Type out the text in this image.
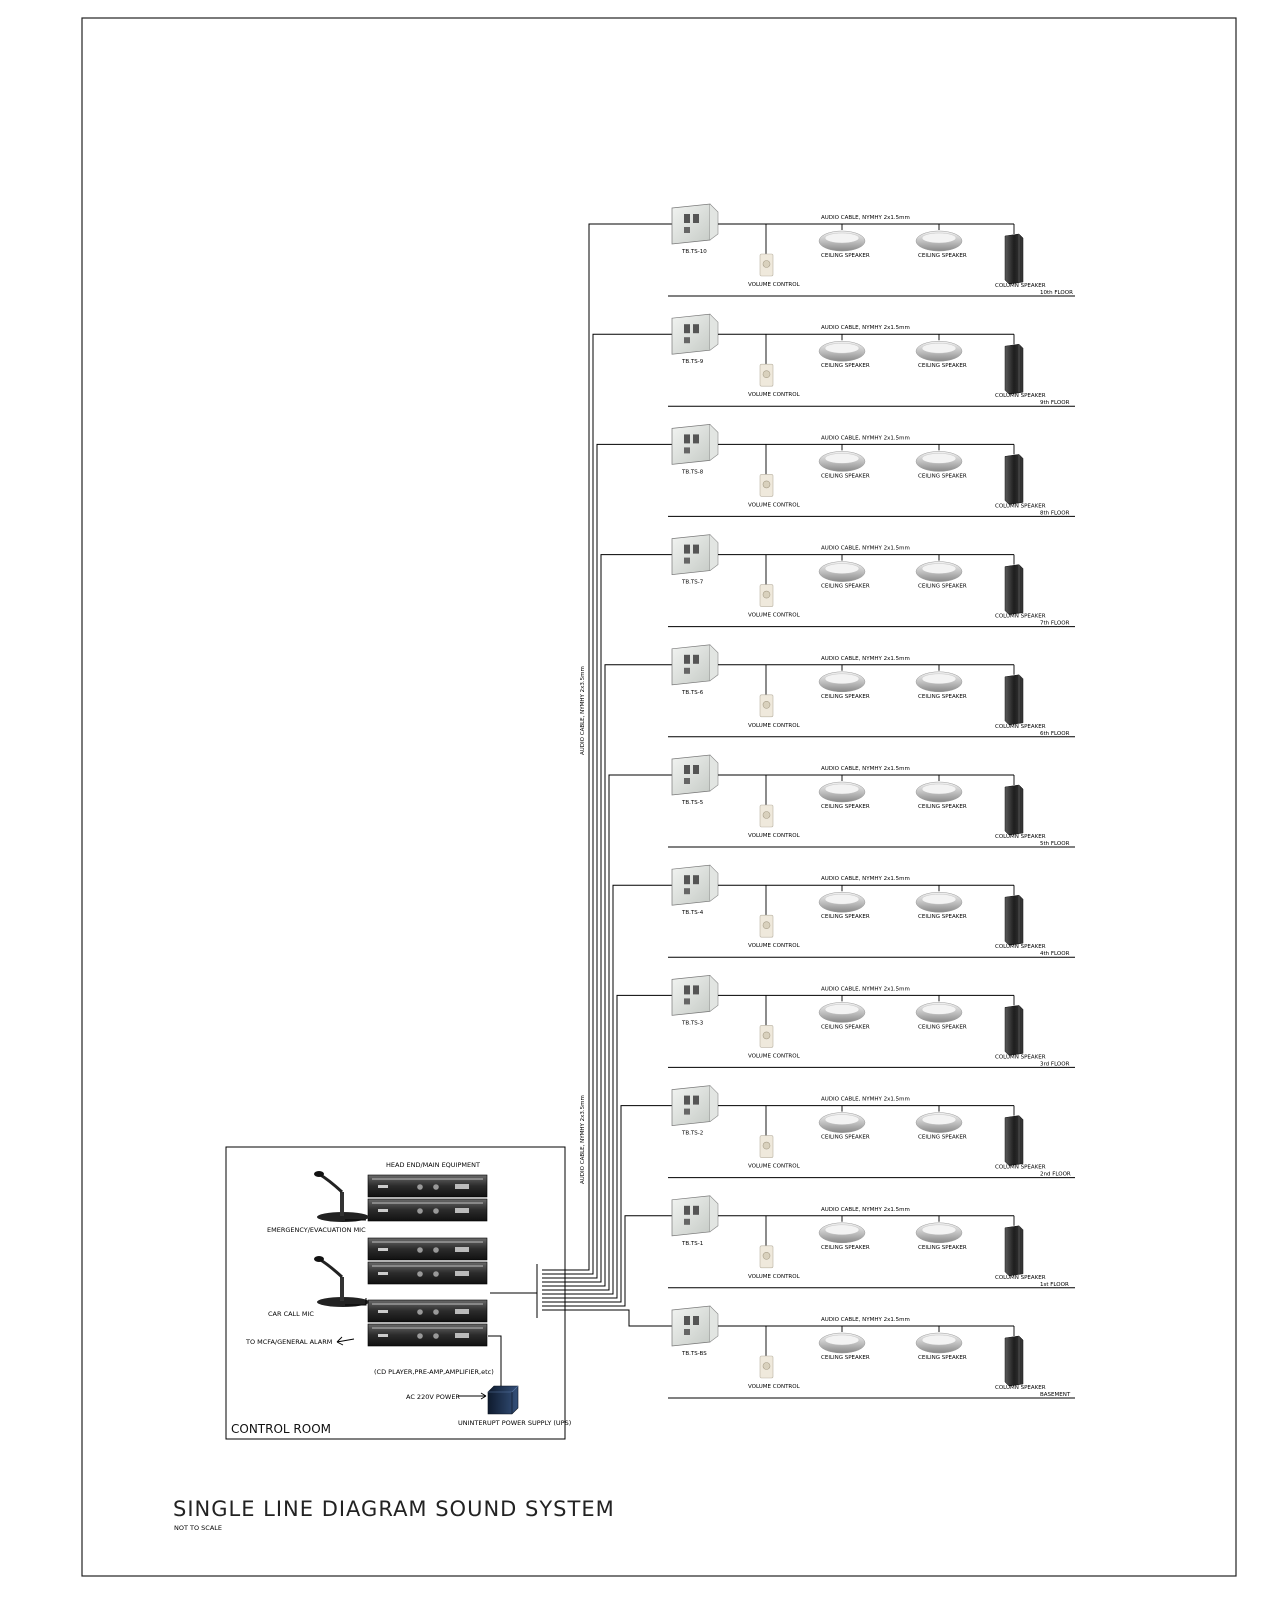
TB.TS-10
AUDIO CABLE, NYMHY 2x1.5mm
VOLUME CONTROL
CEILING SPEAKER	CEILING SPEAKER
COLUMN SPEAKER
10th FLOOR
TB.TS-9
AUDIO CABLE, NYMHY 2x1.5mm
VOLUME CONTROL
CEILING SPEAKER	CEILING SPEAKER
COLUMN SPEAKER
9th FLOOR
TB.TS-8
AUDIO CABLE, NYMHY 2x1.5mm
VOLUME CONTROL
CEILING SPEAKER	CEILING SPEAKER
COLUMN SPEAKER
8th FLOOR
TB.TS-7
AUDIO CABLE, NYMHY 2x1.5mm
VOLUME CONTROL
CEILING SPEAKER	CEILING SPEAKER
COLUMN SPEAKER
7th FLOOR
TB.TS-6
AUDIO CABLE, NYMHY 2x1.5mm
VOLUME CONTROL
CEILING SPEAKER	CEILING SPEAKER
COLUMN SPEAKER
6th FLOOR
TB.TS-5
AUDIO CABLE, NYMHY 2x1.5mm
VOLUME CONTROL
CEILING SPEAKER	CEILING SPEAKER
COLUMN SPEAKER
5th FLOOR
TB.TS-4
AUDIO CABLE, NYMHY 2x1.5mm
VOLUME CONTROL
CEILING SPEAKER	CEILING SPEAKER
COLUMN SPEAKER
4th FLOOR
TB.TS-3
AUDIO CABLE, NYMHY 2x1.5mm
VOLUME CONTROL
CEILING SPEAKER	CEILING SPEAKER
COLUMN SPEAKER
3rd FLOOR
TB.TS-2
AUDIO CABLE, NYMHY 2x1.5mm
VOLUME CONTROL
CEILING SPEAKER	CEILING SPEAKER
COLUMN SPEAKER
2nd FLOOR
TB.TS-1
AUDIO CABLE, NYMHY 2x1.5mm
VOLUME CONTROL
CEILING SPEAKER	CEILING SPEAKER
COLUMN SPEAKER
1st FLOOR
TB.TS-BS
AUDIO CABLE, NYMHY 2x1.5mm
VOLUME CONTROL
CEILING SPEAKER	CEILING SPEAKER
COLUMN SPEAKER
BASEMENT
AUDIO CABLE, NYMHY 2x3.5mm
AUDIO CABLE, NYMHY 2x3.5mm
CONTROL ROOM
HEAD END/MAIN EQUIPMENT
EMERGENCY/EVACUATION MIC
CAR CALL MIC
TO MCFA/GENERAL ALARM
(CD PLAYER,PRE-AMP,AMPLIFIER,etc)
AC 220V POWER
UNINTERUPT POWER SUPPLY (UPS)
SINGLE LINE DIAGRAM SOUND SYSTEM
NOT TO SCALE
